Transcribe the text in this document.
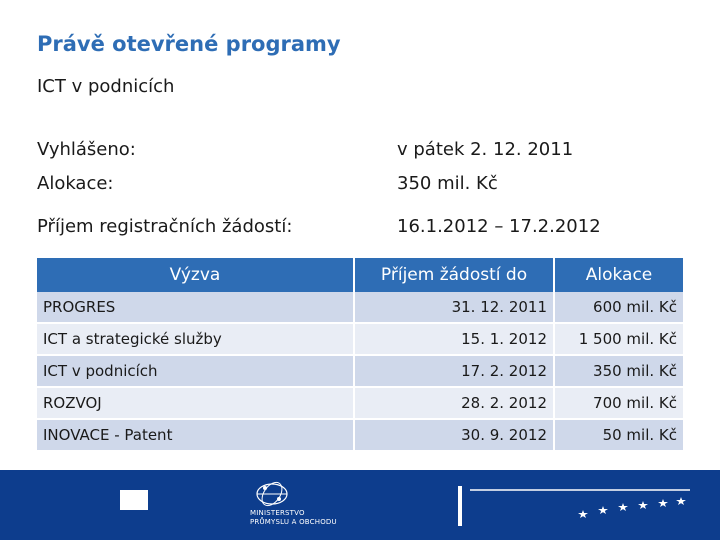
Právě otevřené programy
ICT v podnicích
Vyhlášeno:	v pátek 2. 12. 2011
Alokace:	350 mil. Kč
Příjem registračních žádostí:	16.1.2012 – 17.2.2012
Výzva	Příjem žádostí do	Alokace
PROGRES	31. 12. 2011	600 mil. Kč
ICT a strategické služby	15. 1. 2012	1 500 mil. Kč
ICT v podnicích	17. 2. 2012	350 mil. Kč
ROZVOJ	28. 2. 2012	700 mil. Kč
INOVACE - Patent	30. 9. 2012	50 mil. Kč
MINISTERSTVO
PRŮMYSLU A OBCHODU
